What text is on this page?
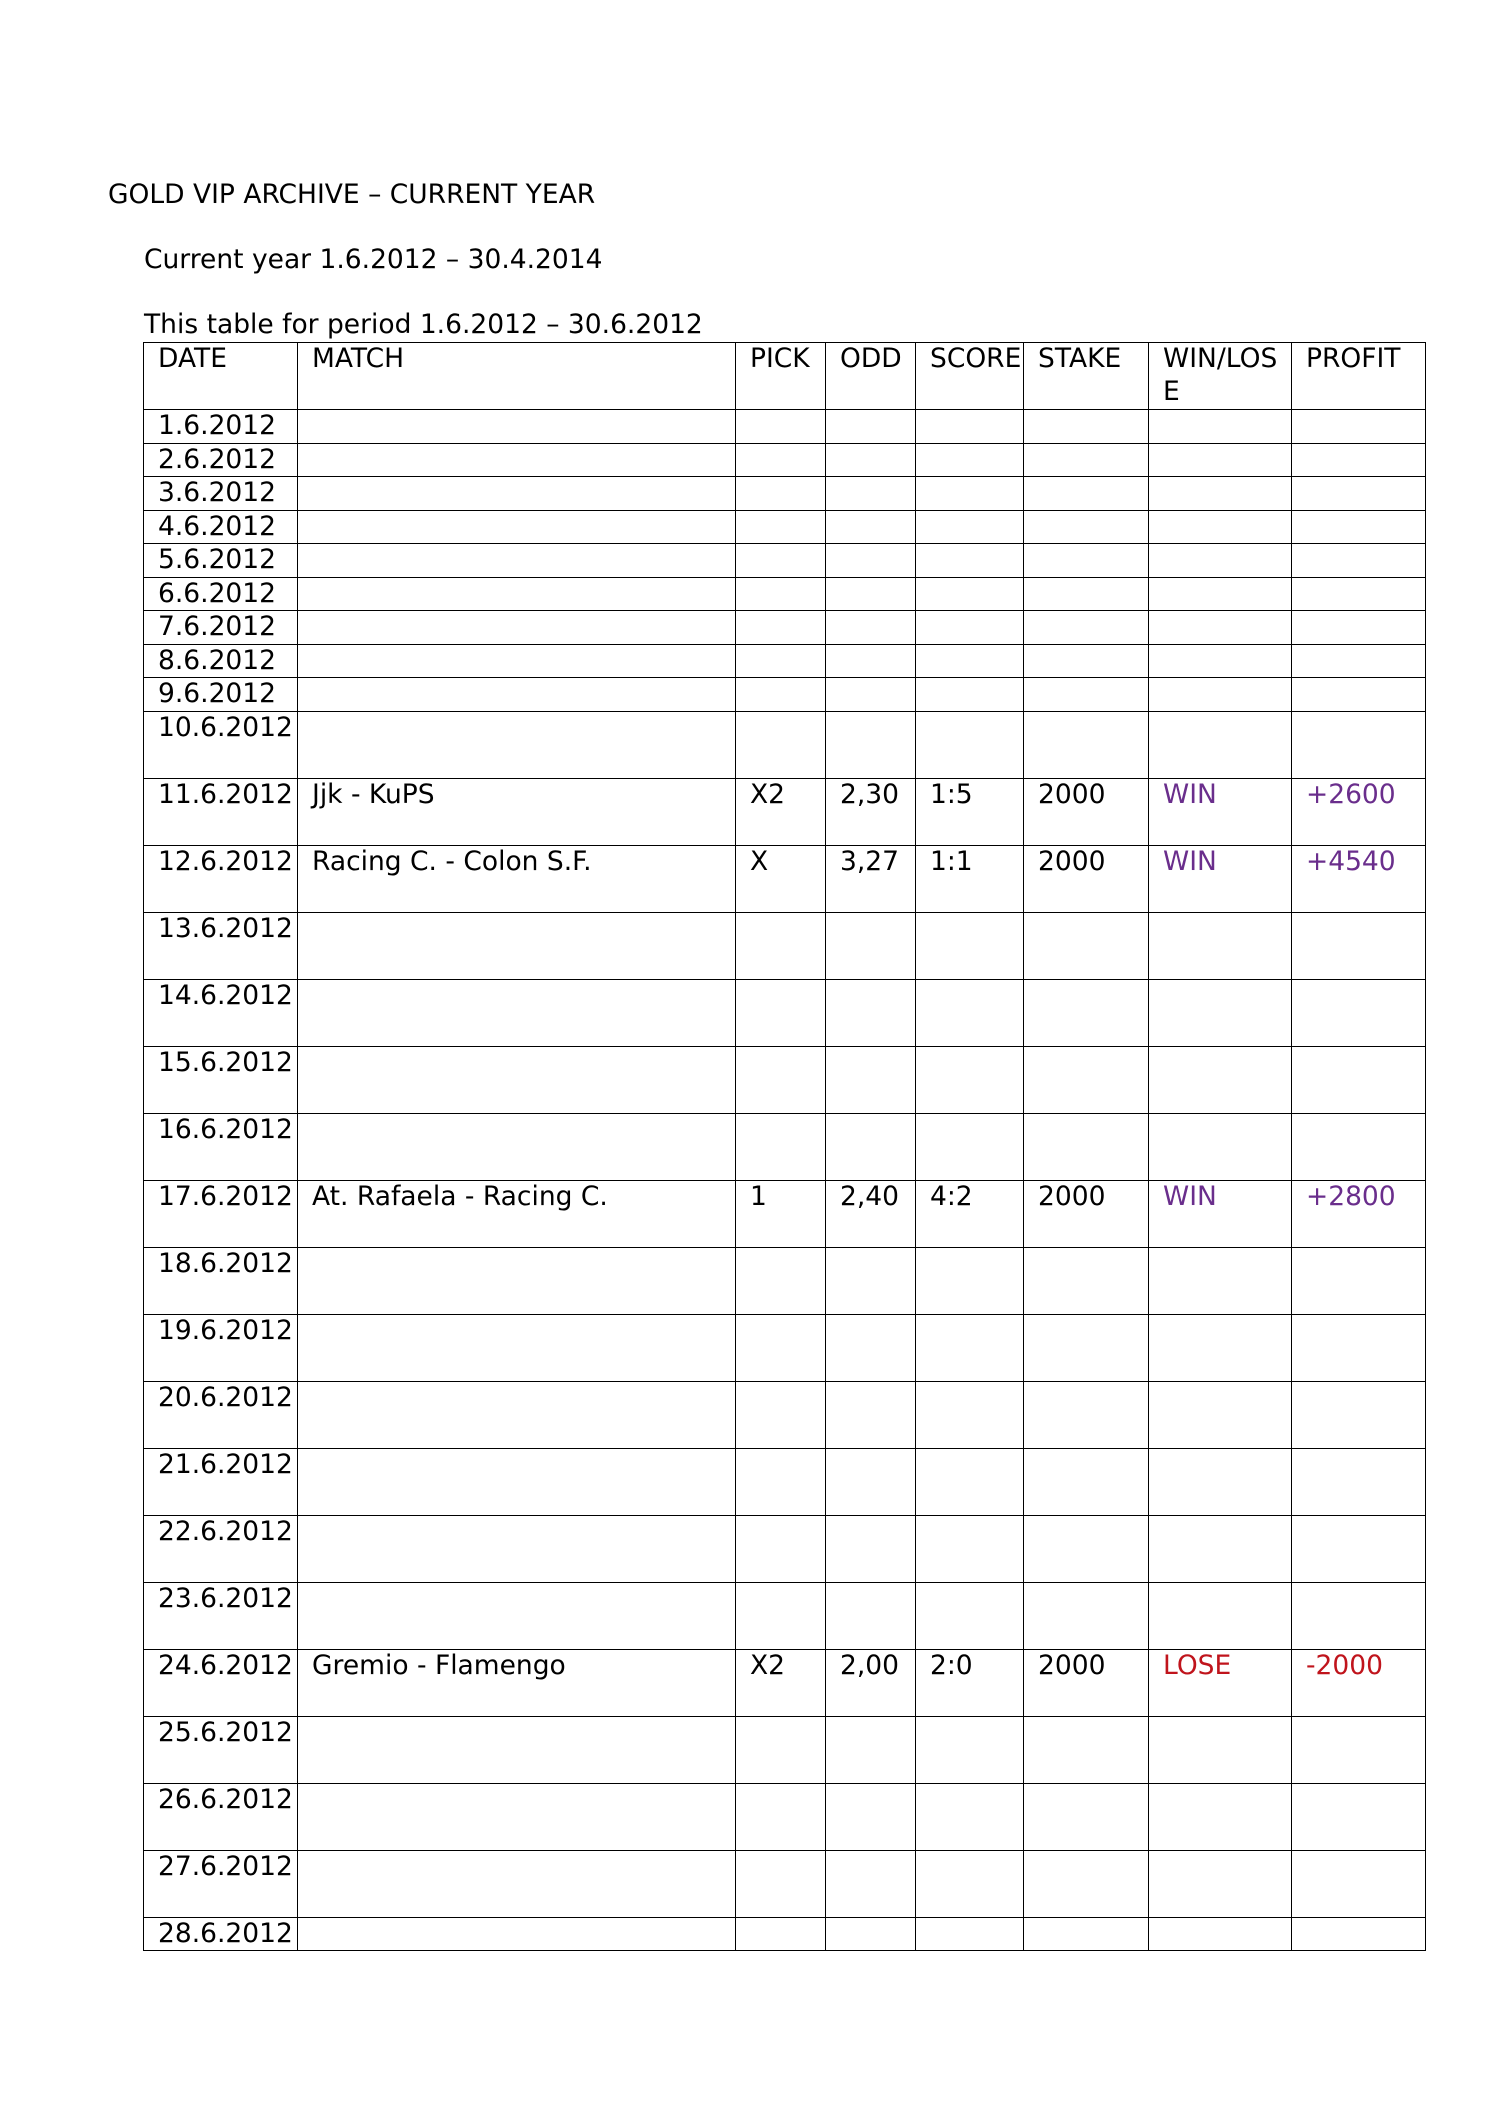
GOLD VIP ARCHIVE – CURRENT YEAR
Current year 1.6.2012 – 30.4.2014
This table for period 1.6.2012 – 30.6.2012
DATE	MATCH	PICK	ODD	SCORE	STAKE	WIN/LOSE	PROFIT
1.6.2012							
2.6.2012							
3.6.2012							
4.6.2012							
5.6.2012							
6.6.2012							
7.6.2012							
8.6.2012							
9.6.2012							
10.6.2012							
11.6.2012	Jjk - KuPS	X2	2,30	1:5	2000	WIN	+2600
12.6.2012	Racing C. - Colon S.F.	X	3,27	1:1	2000	WIN	+4540
13.6.2012							
14.6.2012							
15.6.2012							
16.6.2012							
17.6.2012	At. Rafaela - Racing C.	1	2,40	4:2	2000	WIN	+2800
18.6.2012							
19.6.2012							
20.6.2012							
21.6.2012							
22.6.2012							
23.6.2012							
24.6.2012	Gremio - Flamengo	X2	2,00	2:0	2000	LOSE	-2000
25.6.2012							
26.6.2012							
27.6.2012							
28.6.2012							
